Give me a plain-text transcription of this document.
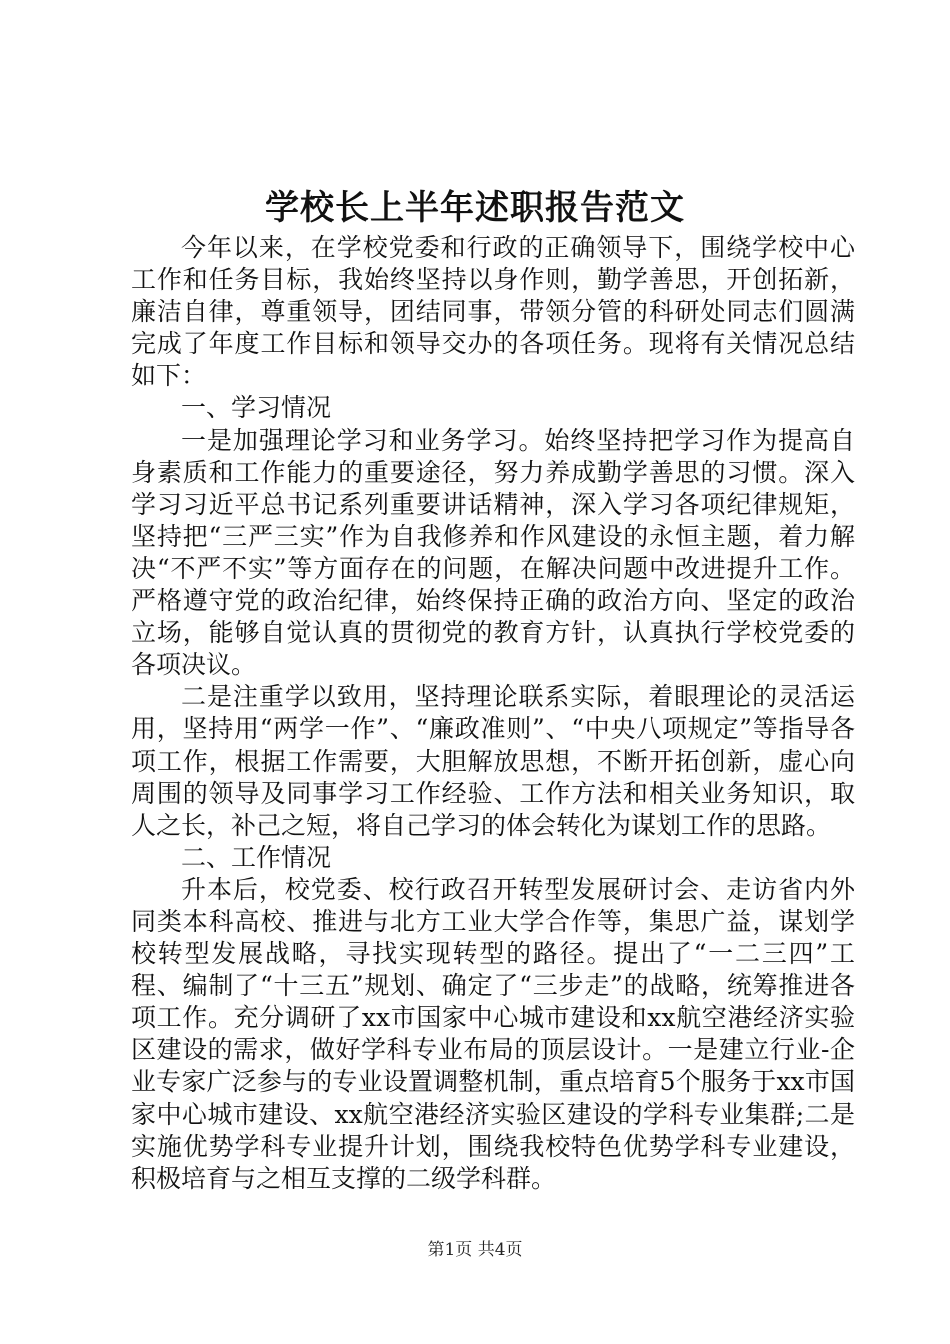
学校长上半年述职报告范文

今年以来，在学校党委和行政的正确领导下，围绕学校中心工作和任务目标，我始终坚持以身作则，勤学善思，开创拓新，廉洁自律，尊重领导，团结同事，带领分管的科研处同志们圆满完成了年度工作目标和领导交办的各项任务。现将有关情况总结如下：

一、学习情况

一是加强理论学习和业务学习。始终坚持把学习作为提高自身素质和工作能力的重要途径，努力养成勤学善思的习惯。深入学习习近平总书记系列重要讲话精神，深入学习各项纪律规矩，坚持把“三严三实”作为自我修养和作风建设的永恒主题，着力解决“不严不实”等方面存在的问题，在解决问题中改进提升工作。严格遵守党的政治纪律，始终保持正确的政治方向、坚定的政治立场，能够自觉认真的贯彻党的教育方针，认真执行学校党委的各项决议。

二是注重学以致用，坚持理论联系实际，着眼理论的灵活运用，坚持用“两学一作”、“廉政准则”、“中央八项规定”等指导各项工作，根据工作需要，大胆解放思想，不断开拓创新，虚心向周围的领导及同事学习工作经验、工作方法和相关业务知识，取人之长，补己之短，将自己学习的体会转化为谋划工作的思路。

二、工作情况

升本后，校党委、校行政召开转型发展研讨会、走访省内外同类本科高校、推进与北方工业大学合作等，集思广益，谋划学校转型发展战略，寻找实现转型的路径。提出了“一二三四”工程、编制了“十三五”规划、确定了“三步走”的战略，统筹推进各项工作。充分调研了xx市国家中心城市建设和xx航空港经济实验区建设的需求，做好学科专业布局的顶层设计。一是建立行业-企业专家广泛参与的专业设置调整机制，重点培育5个服务于xx市国家中心城市建设、xx航空港经济实验区建设的学科专业集群;二是实施优势学科专业提升计划，围绕我校特色优势学科专业建设，积极培育与之相互支撑的二级学科群。

第1页 共4页
